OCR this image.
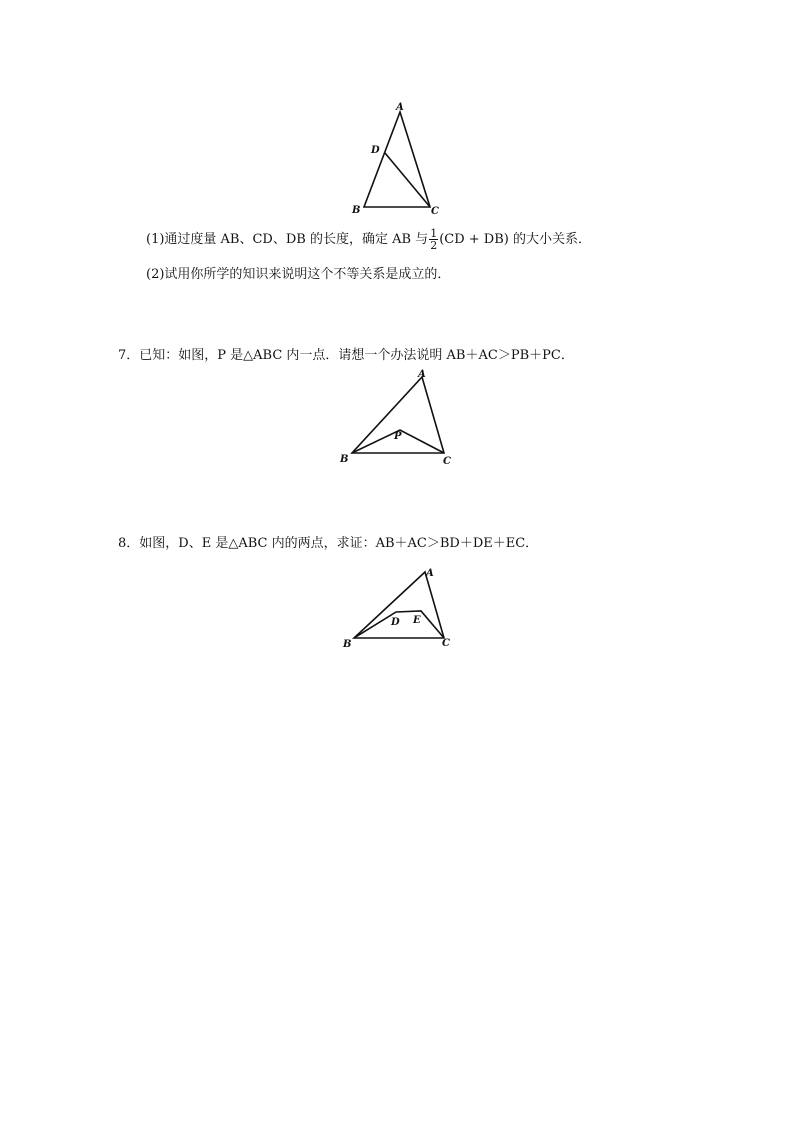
A
D
B	C
(1)通过度量 AB、CD、DB 的长度，确定 AB 与 $\frac{1}{2} (CD + DB)$ 的大小关系．
(2)试用你所学的知识来说明这个不等关系是成立的．
7．已知：如图，P 是△ABC 内一点．请想一个办法说明 AB＋AC＞PB＋PC．
A
P
B	C
8．如图，D、E 是△ABC 内的两点，求证：AB＋AC＞BD＋DE＋EC．
A
D E
B	C
